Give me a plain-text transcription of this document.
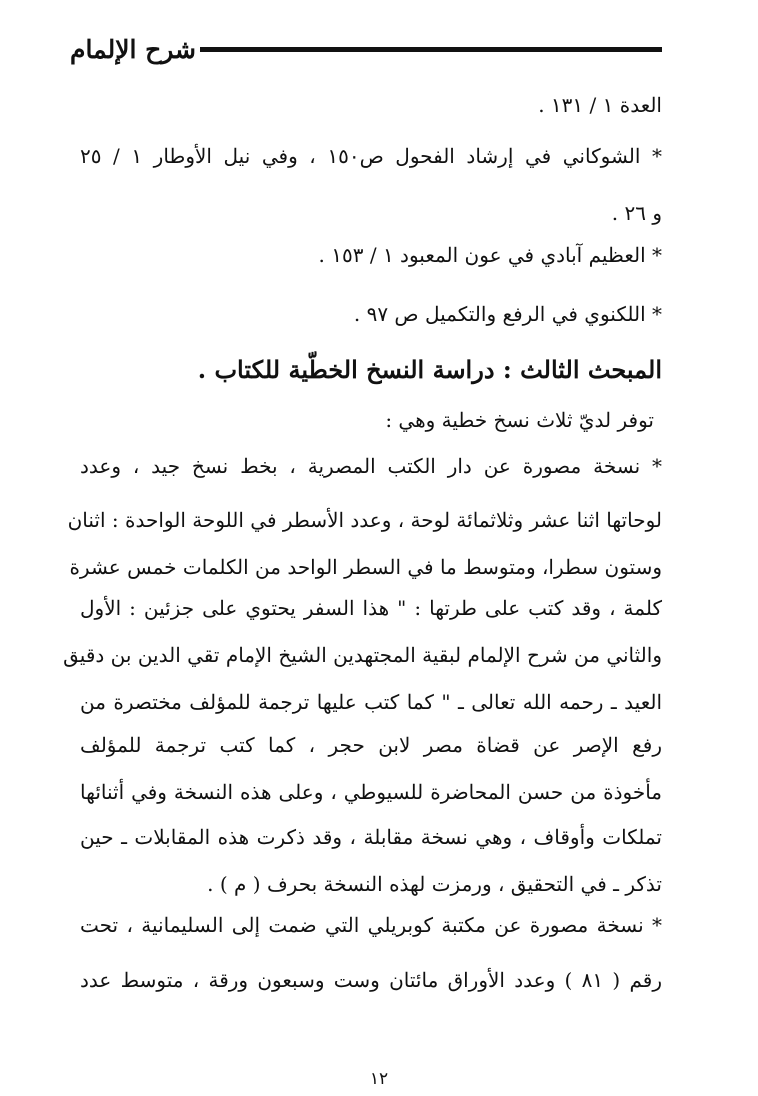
شرح الإلمام
العدة ١ / ١٣١ .
* الشوكاني في إرشاد الفحول ص١٥٠ ، وفي نيل الأوطار ١ / ٢٥
و ٢٦ .
* العظيم آبادي في عون المعبود ١ / ١٥٣ .
* اللكنوي في الرفع والتكميل ص ٩٧ .
المبحث الثالث : دراسة النسخ الخطّية للكتاب .
توفر لديّ ثلاث نسخ خطية وهي :
* نسخة مصورة عن دار الكتب المصرية ، بخط نسخ جيد ، وعدد
لوحاتها اثنا عشر وثلاثمائة لوحة ، وعدد الأسطر في اللوحة الواحدة : اثنان
وستون سطرا، ومتوسط ما في السطر الواحد من الكلمات خمس عشرة
كلمة ، وقد كتب على طرتها : " هذا السفر يحتوي على جزئين : الأول
والثاني من شرح الإلمام لبقية المجتهدين الشيخ الإمام تقي الدين بن دقيق
العيد ـ رحمه الله تعالى ـ " كما كتب عليها ترجمة للمؤلف مختصرة من
رفع الإصر عن قضاة مصر لابن حجر ، كما كتب ترجمة للمؤلف
مأخوذة من حسن المحاضرة للسيوطي ، وعلى هذه النسخة وفي أثنائها
تملكات وأوقاف ، وهي نسخة مقابلة ، وقد ذكرت هذه المقابلات ـ حين
تذكر ـ في التحقيق ، ورمزت لهذه النسخة بحرف ( م ) .
* نسخة مصورة عن مكتبة كوبريلي التي ضمت إلى السليمانية ، تحت
رقم ( ٨١ ) وعدد الأوراق مائتان وست وسبعون ورقة ، متوسط عدد
١٢
